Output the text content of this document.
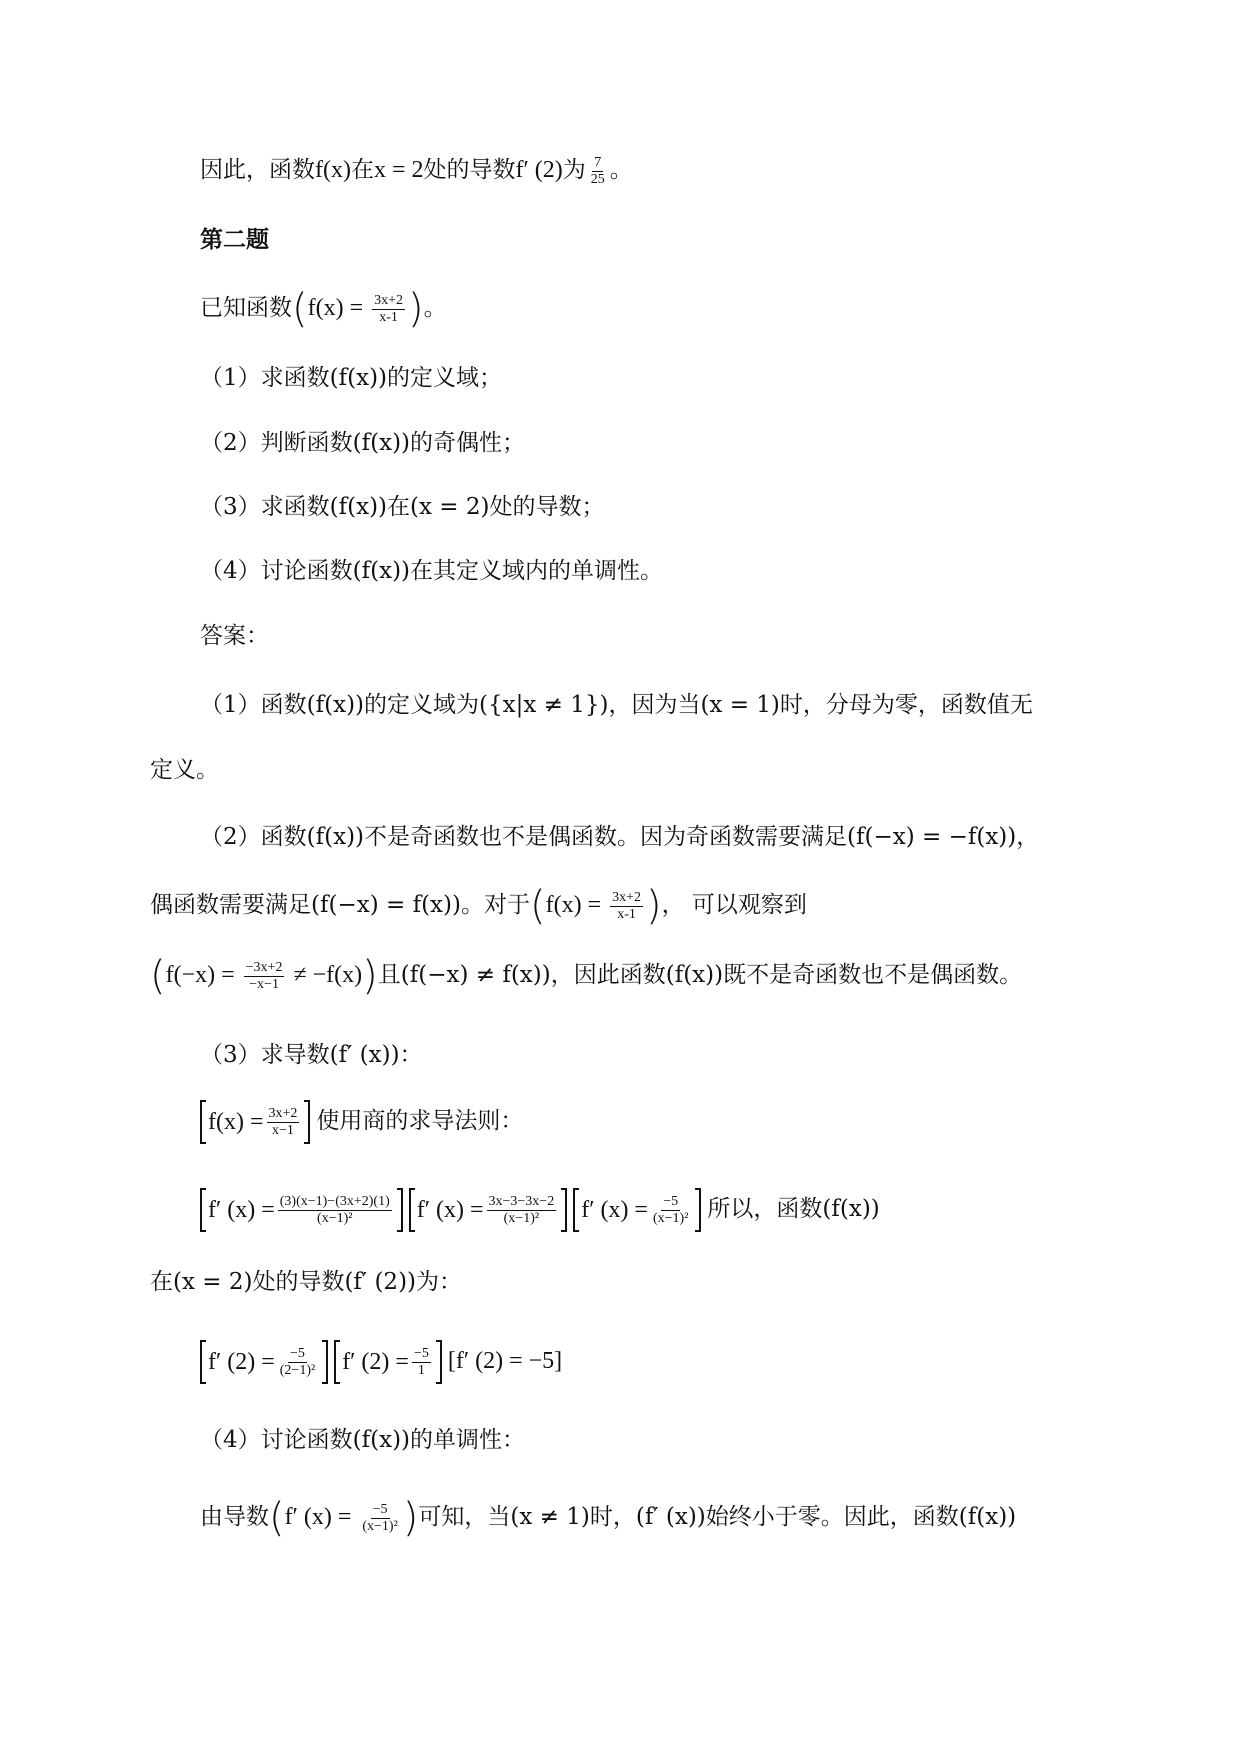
因此，函数f(x)在x = 2处的导数f′ (2)为 $\frac{7}{25}$ 。
第二题
已知函数($f(x) = \frac{3x+2}{x-1}$ )。
（1）求函数(f(x))的定义域；
（2）判断函数(f(x))的奇偶性；
（3）求函数(f(x))在(x = 2)处的导数；
（4）讨论函数(f(x))在其定义域内的单调性。
答案：
（1）函数(f(x))的定义域为({x|x ≠ 1})，因为当(x = 1)时，分母为零，函数值无
定义。
（2）函数(f(x))不是奇函数也不是偶函数。因为奇函数需要满足(f(−x) = −f(x))，
偶函数需要满足(f(−x) = f(x))。对于($f(x) = \frac{3x+2}{x-1}$ )， 可以观察到
$(f(-x) = \frac{-3x+2}{-x-1} \ne -f(x))$且(f(−x) ≠ f(x))，因此函数(f(x))既不是奇函数也不是偶函数。
（3）求导数(f′ (x))：
$f(x) = \frac{3x+2}{x-1}$ 使用商的求导法则：
f′ $(x) = \frac{(3)(x-1)-(3x+2)(1)}{\text{(x−1)²}} f'$ $(x) = \frac{3x-3-3x-2}{\text{(x−1)²}} f'$ $(x) = \frac{-5}{\text{(x−1)²}}$ 所以，函数(f(x))
在(x = 2)处的导数(f′ (2))为：
f′ $(2) = \frac{-5}{\text{(2−1)²}} f'$ $(2) = \frac{-5}{1} [f'$ (2) = −5]
（4）讨论函数(f(x))的单调性：
由导数(f′ $(x) = \frac{-5}{\text{(x−1)²}}$ )可知，当(x ≠ 1)时，(f′ (x))始终小于零。因此，函数(f(x))
